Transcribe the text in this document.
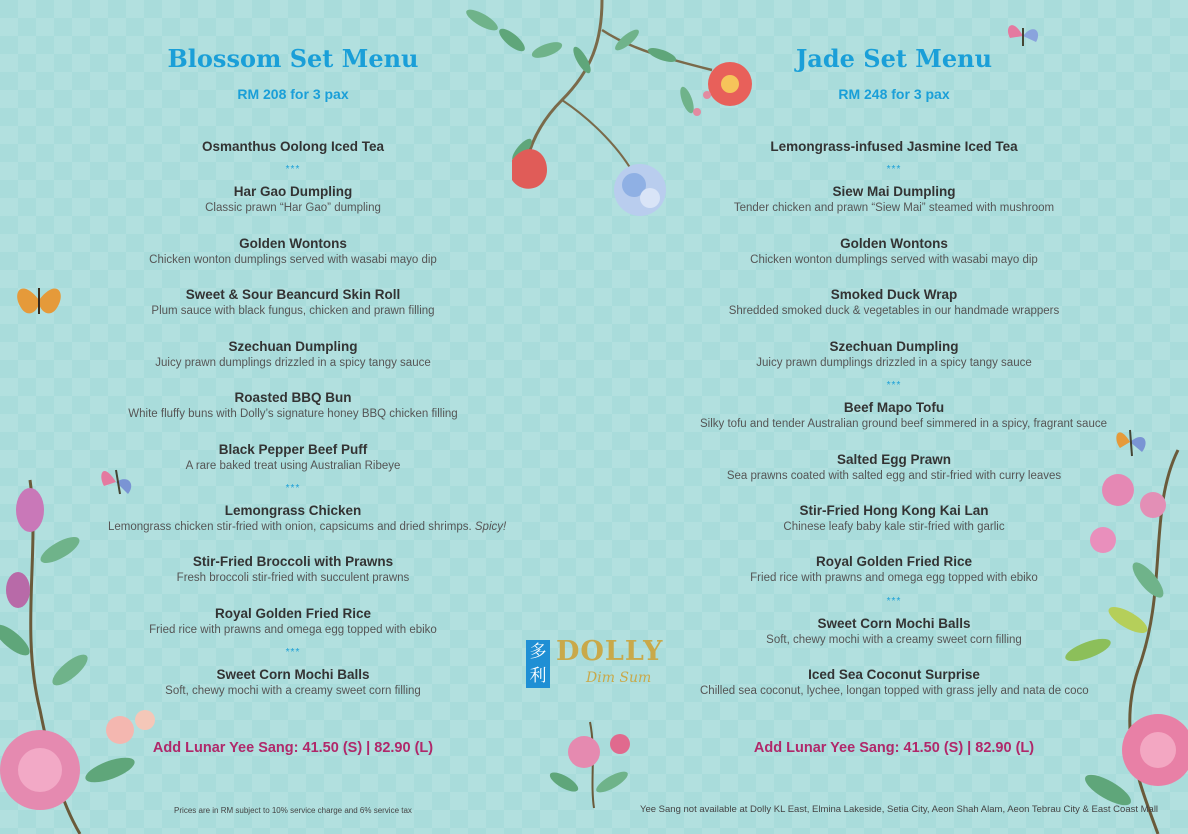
多利
DOLLY
Dim Sum
Blossom Set Menu
RM 208 for 3 pax
Osmanthus Oolong Iced Tea
***
Har Gao Dumpling
Classic prawn “Har Gao” dumpling
Golden Wontons
Chicken wonton dumplings served with wasabi mayo dip
Sweet & Sour Beancurd Skin Roll
Plum sauce with black fungus, chicken and prawn filling
Szechuan Dumpling
Juicy prawn dumplings drizzled in a spicy tangy sauce
Roasted BBQ Bun
White fluffy buns with Dolly’s signature honey BBQ chicken filling
Black Pepper Beef Puff
A rare baked treat using Australian Ribeye
***
Lemongrass Chicken
Lemongrass chicken stir-fried with onion, capsicums and dried shrimps. Spicy!
Stir-Fried Broccoli with Prawns
Fresh broccoli stir-fried with succulent prawns
Royal Golden Fried Rice
Fried rice with prawns and omega egg topped with ebiko
***
Sweet Corn Mochi Balls
Soft, chewy mochi with a creamy sweet corn filling
Add Lunar Yee Sang: 41.50 (S) | 82.90 (L)
Jade Set Menu
RM 248 for 3 pax
Lemongrass-infused Jasmine Iced Tea
***
Siew Mai Dumpling
Tender chicken and prawn “Siew Mai” steamed with mushroom
Golden Wontons
Chicken wonton dumplings served with wasabi mayo dip
Smoked Duck Wrap
Shredded smoked duck & vegetables in our handmade wrappers
Szechuan Dumpling
Juicy prawn dumplings drizzled in a spicy tangy sauce
***
Beef Mapo Tofu
Silky tofu and tender Australian ground beef simmered in a spicy, fragrant sauce
Salted Egg Prawn
Sea prawns coated with salted egg and stir-fried with curry leaves
Stir-Fried Hong Kong Kai Lan
Chinese leafy baby kale stir-fried with garlic
Royal Golden Fried Rice
Fried rice with prawns and omega egg topped with ebiko
***
Sweet Corn Mochi Balls
Soft, chewy mochi with a creamy sweet corn filling
Iced Sea Coconut Surprise
Chilled sea coconut, lychee, longan topped with grass jelly and nata de coco
Add Lunar Yee Sang: 41.50 (S) | 82.90 (L)
Prices are in RM subject to 10% service charge and 6% service tax	Yee Sang not available at Dolly KL East, Elmina Lakeside, Setia City, Aeon Shah Alam, Aeon Tebrau City & East Coast Mall
